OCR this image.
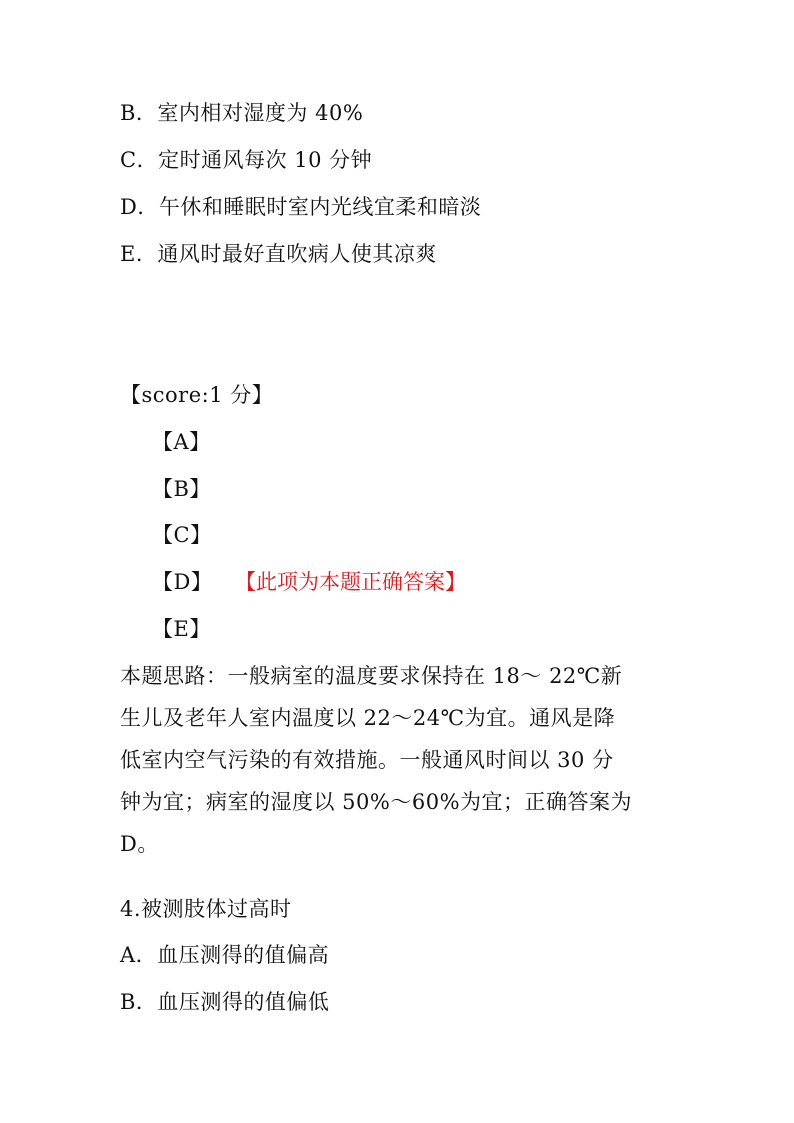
B．室内相对湿度为 40%
C．定时通风每次 10 分钟
D．午休和睡眠时室内光线宜柔和暗淡
E．通风时最好直吹病人使其凉爽
【score:1 分】
【A】
【B】
【C】
【D】 【此项为本题正确答案】
【E】
本题思路：一般病室的温度要求保持在 18～ 22℃新
生儿及老年人室内温度以 22～24℃为宜。通风是降
低室内空气污染的有效措施。一般通风时间以 30 分
钟为宜；病室的湿度以 50%～60%为宜；正确答案为
D。
4.被测肢体过高时
A．血压测得的值偏高
B．血压测得的值偏低
